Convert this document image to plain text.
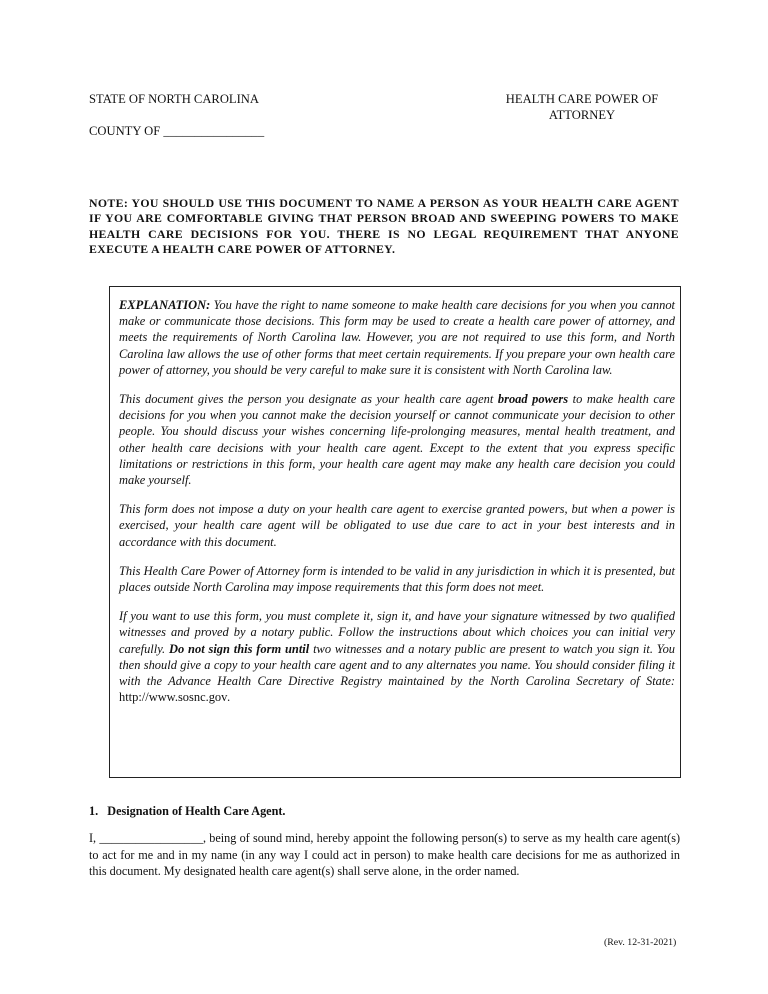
STATE OF NORTH CAROLINA
COUNTY OF ________________
HEALTH CARE POWER OF
ATTORNEY
NOTE: YOU SHOULD USE THIS DOCUMENT TO NAME A PERSON AS YOUR HEALTH CARE AGENT IF YOU ARE COMFORTABLE GIVING THAT PERSON BROAD AND SWEEPING POWERS TO MAKE HEALTH CARE DECISIONS FOR YOU. THERE IS NO LEGAL REQUIREMENT THAT ANYONE EXECUTE A HEALTH CARE POWER OF ATTORNEY.

EXPLANATION: You have the right to name someone to make health care decisions for you when you cannot make or communicate those decisions. This form may be used to create a health care power of attorney, and meets the requirements of North Carolina law. However, you are not required to use this form, and North Carolina law allows the use of other forms that meet certain requirements. If you prepare your own health care power of attorney, you should be very careful to make sure it is consistent with North Carolina law.

This document gives the person you designate as your health care agent broad powers to make health care decisions for you when you cannot make the decision yourself or cannot communicate your decision to other people. You should discuss your wishes concerning life-prolonging measures, mental health treatment, and other health care decisions with your health care agent. Except to the extent that you express specific limitations or restrictions in this form, your health care agent may make any health care decision you could make yourself.

This form does not impose a duty on your health care agent to exercise granted powers, but when a power is exercised, your health care agent will be obligated to use due care to act in your best interests and in accordance with this document.

This Health Care Power of Attorney form is intended to be valid in any jurisdiction in which it is presented, but places outside North Carolina may impose requirements that this form does not meet.

If you want to use this form, you must complete it, sign it, and have your signature witnessed by two qualified witnesses and proved by a notary public. Follow the instructions about which choices you can initial very carefully. Do not sign this form until two witnesses and a notary public are present to watch you sign it. You then should give a copy to your health care agent and to any alternates you name. You should consider filing it with the Advance Health Care Directive Registry maintained by the North Carolina Secretary of State: http://www.sosnc.gov.

1.   Designation of Health Care Agent.
I, _________________, being of sound mind, hereby appoint the following person(s) to serve as my health care agent(s) to act for me and in my name (in any way I could act in person) to make health care decisions for me as authorized in this document. My designated health care agent(s) shall serve alone, in the order named.
(Rev. 12-31-2021)
